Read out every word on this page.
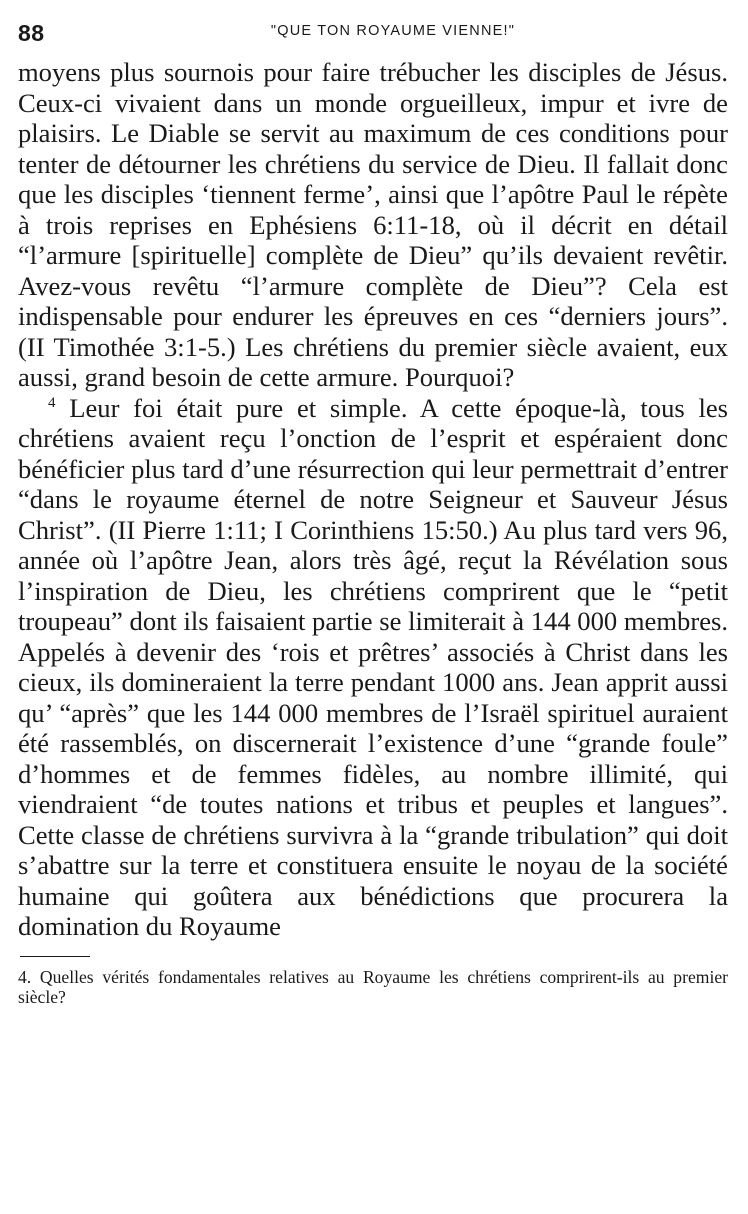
88	"QUE TON ROYAUME VIENNE!"

moyens plus sournois pour faire trébucher les disciples de Jésus. Ceux-ci vivaient dans un monde orgueilleux, impur et ivre de plaisirs. Le Diable se servit au maximum de ces conditions pour tenter de détourner les chrétiens du service de Dieu. Il fallait donc que les disciples ‘tiennent ferme’, ainsi que l’apôtre Paul le répète à trois reprises en Ephésiens 6:11-18, où il décrit en détail “l’armure [spirituelle] complète de Dieu” qu’ils devaient revêtir. Avez-vous revêtu “l’armure complète de Dieu”? Cela est indispensable pour endurer les épreuves en ces “derniers jours”. (II Timothée 3:1-5.) Les chrétiens du premier siècle avaient, eux aussi, grand besoin de cette armure. Pourquoi?

$^4$ Leur foi était pure et simple. A cette époque-là, tous les chrétiens avaient reçu l’onction de l’esprit et espéraient donc bénéficier plus tard d’une résurrection qui leur permettrait d’entrer “dans le royaume éternel de notre Seigneur et Sauveur Jésus Christ”. (II Pierre 1:11; I Corinthiens 15:50.) Au plus tard vers 96, année où l’apôtre Jean, alors très âgé, reçut la Révélation sous l’inspiration de Dieu, les chrétiens comprirent que le “petit troupeau” dont ils faisaient partie se limiterait à 144 000 membres. Appelés à devenir des ‘rois et prêtres’ associés à Christ dans les cieux, ils domineraient la terre pendant 1000 ans. Jean apprit aussi qu’ “après” que les 144 000 membres de l’Israël spirituel auraient été rassemblés, on discernerait l’existence d’une “grande foule” d’hommes et de femmes fidèles, au nombre illimité, qui viendraient “de toutes nations et tribus et peuples et langues”. Cette classe de chrétiens survivra à la “grande tribulation” qui doit s’abattre sur la terre et constituera ensuite le noyau de la société humaine qui goûtera aux bénédictions que procurera la domination du Royaume

4. Quelles vérités fondamentales relatives au Royaume les chrétiens comprirent-ils au premier siècle?
